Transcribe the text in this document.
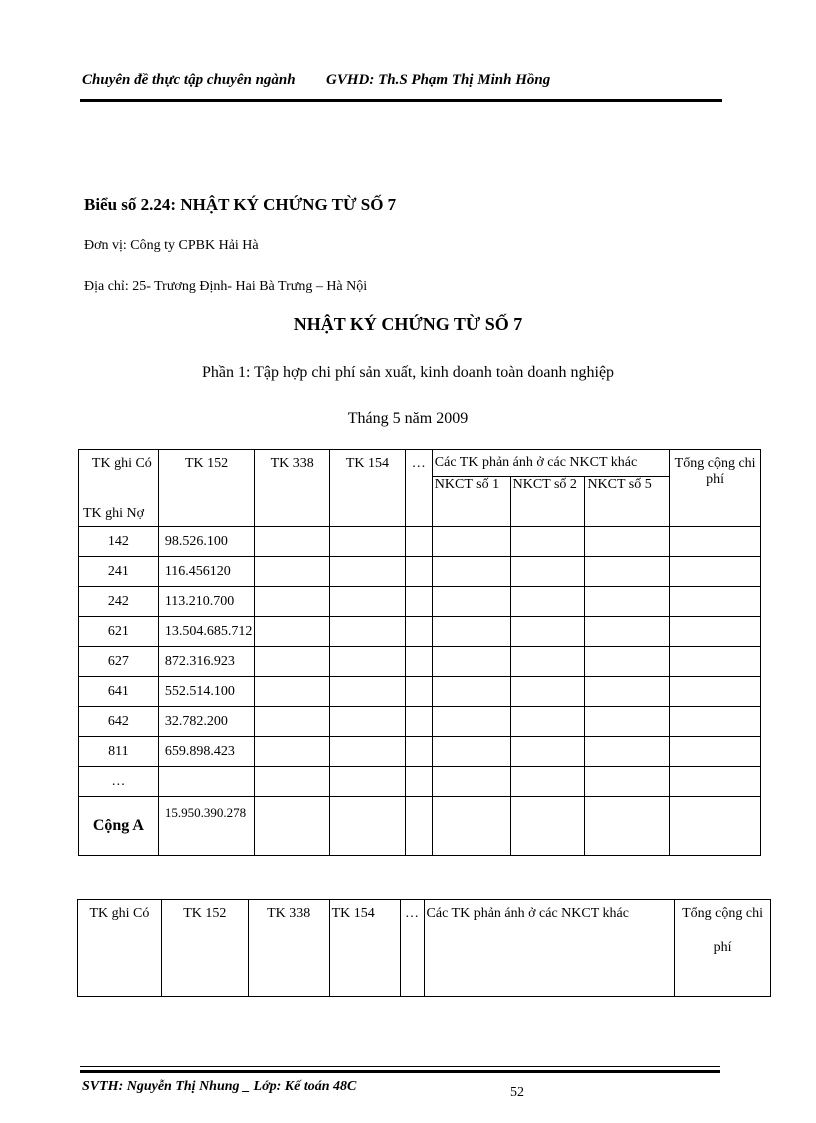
Chuyên đề thực tập chuyên ngành GVHD: Th.S Phạm Thị Minh Hồng
Biểu số 2.24: NHẬT KÝ CHỨNG TỪ SỐ 7
Đơn vị: Công ty CPBK Hải Hà
Địa chỉ: 25- Trương Định- Hai Bà Trưng – Hà Nội
NHẬT KÝ CHỨNG TỪ SỐ 7
Phần 1: Tập hợp chi phí sản xuất, kinh doanh toàn doanh nghiệp
Tháng 5 năm 2009
TK ghi Có
TK ghi Nợ	TK 152	TK 338	TK 154	…	Các TK phản ánh ở các NKCT khác			Tổng cộng chi phí
					NKCT số 1	NKCT số 2	NKCT số 5	
142	98.526.100							
241	116.456120							
242	113.210.700							
621	13.504.685.712							
627	872.316.923							
641	552.514.100							
642	32.782.200							
811	659.898.423							
…								
Cộng A	15.950.390.278							
TK ghi Có	TK 152	TK 338	TK 154	…	Các TK phản ánh ở các NKCT khác	Tổng cộng chi
phí
SVTH: Nguyễn Thị Nhung _ Lớp: Kế toán 48C	52
